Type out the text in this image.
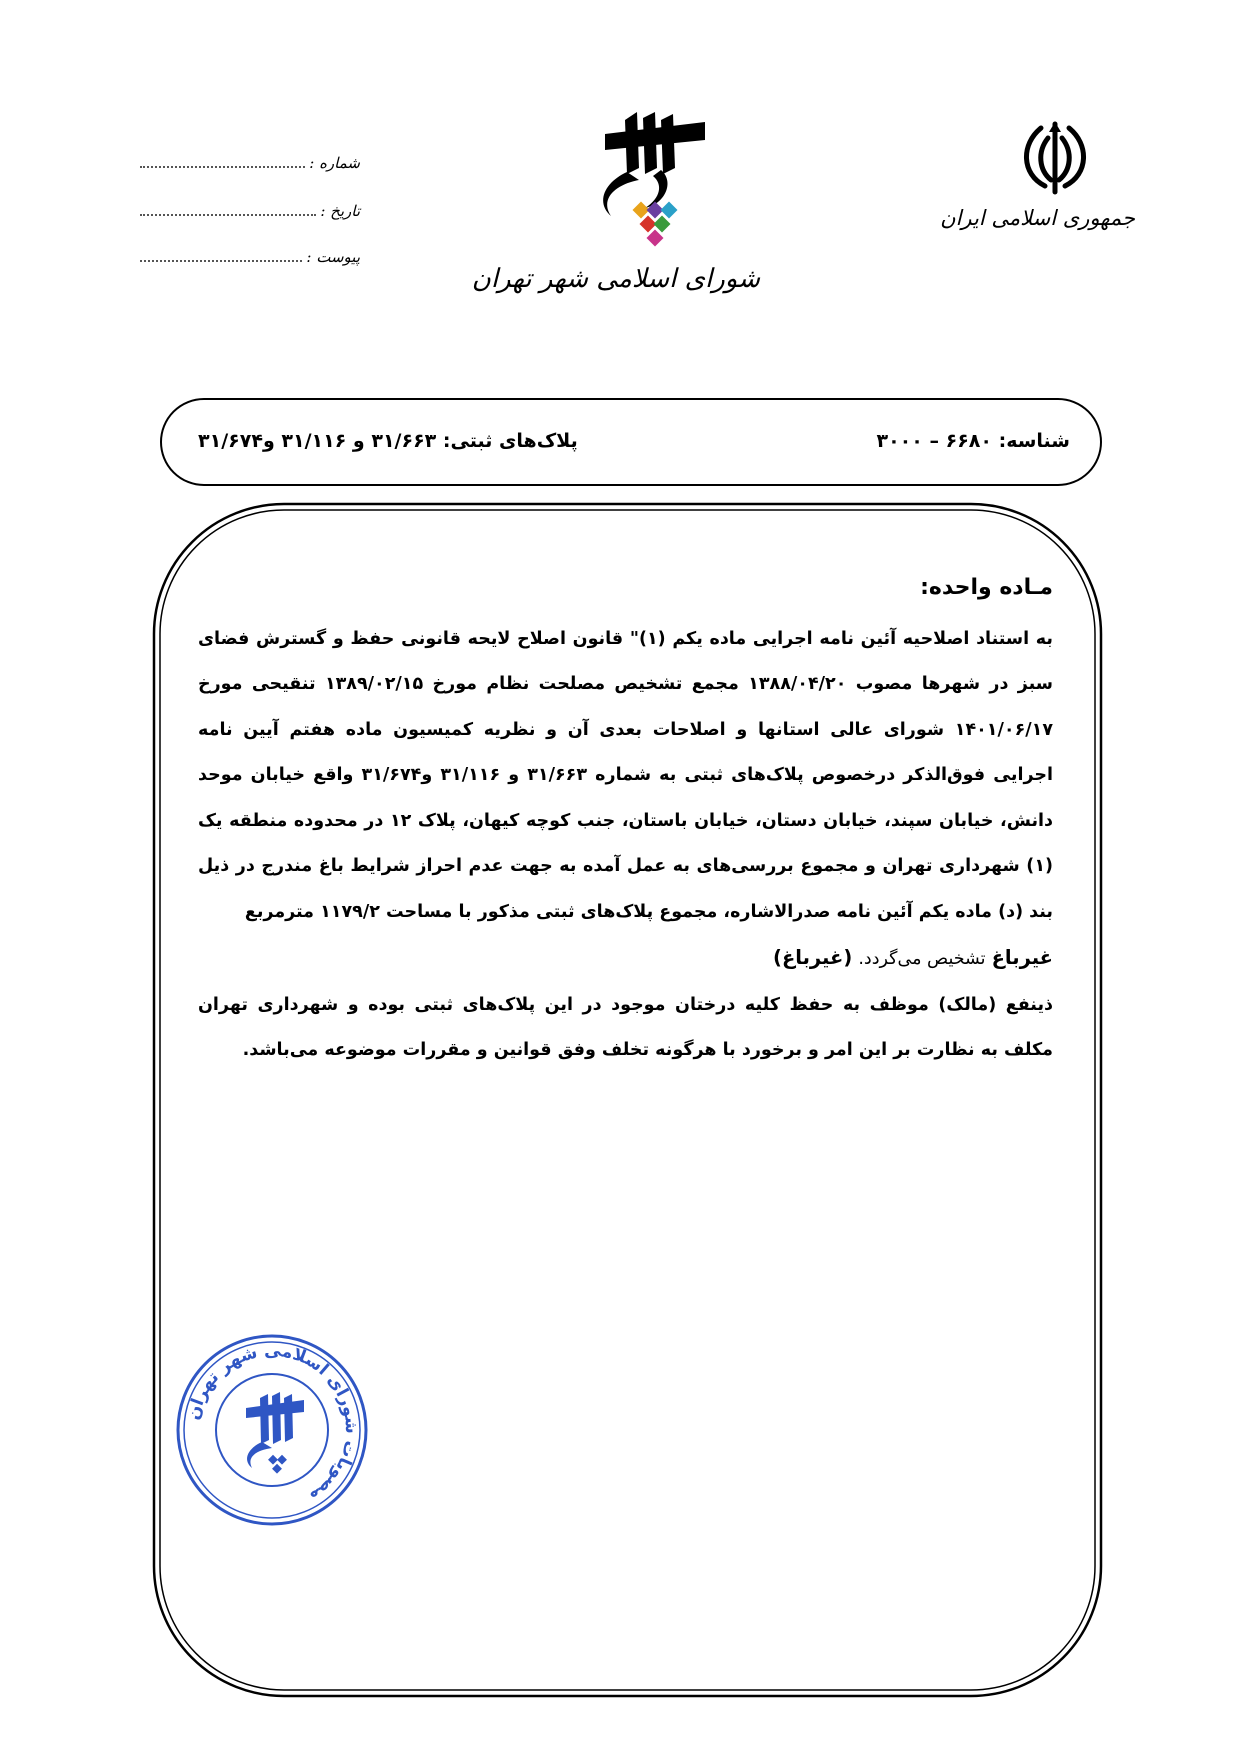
جمهوری اسلامی ایران
شورای اسلامی شهر تهران
شماره :
تاریخ :
پیوست :
شناسه: ۶۶۸۰ – ۳۰۰۰
پلاک‌های ثبتی: ۳۱/۶۶۳ و ۳۱/۱۱۶ و۳۱/۶۷۴
مـاده واحده:

به استناد اصلاحیه آئین نامه اجرایی ماده یکم (۱)" قانون اصلاح لایحه قانونی حفظ و گسترش فضای سبز در شهرها مصوب ۱۳۸۸/۰۴/۲۰ مجمع تشخیص مصلحت نظام مورخ ۱۳۸۹/۰۲/۱۵ تنقیحی مورخ ۱۴۰۱/۰۶/۱۷ شورای عالی استانها و اصلاحات بعدی آن و نظریه کمیسیون ماده هفتم آیین نامه اجرایی فوق‌الذکر درخصوص پلاک‌های ثبتی به شماره ۳۱/۶۶۳ و ۳۱/۱۱۶ و۳۱/۶۷۴ واقع خیابان موحد دانش، خیابان سپند، خیابان دستان، خیابان باستان، جنب کوچه کیهان، پلاک ۱۲ در محدوده منطقه یک (۱) شهرداری تهران و مجموع بررسی‌های به عمل آمده به جهت عدم احراز شرایط باغ مندرج در ذیل بند (د) ماده یکم آئین نامه صدرالاشاره، مجموع پلاک‌های ثبتی مذکور با مساحت ۱۱۷۹/۲ مترمربع
غیرباغ تشخیص می‌گردد. (غیرباغ)

ذینفع (مالک) موظف به حفظ کلیه درختان موجود در این پلاک‌های ثبتی بوده و شهرداری تهران مکلف به نظارت بر این امر و برخورد با هرگونه تخلف وفق قوانین و مقررات موضوعه می‌باشد.

مصوبات شورای اسلامی شهر تهران
